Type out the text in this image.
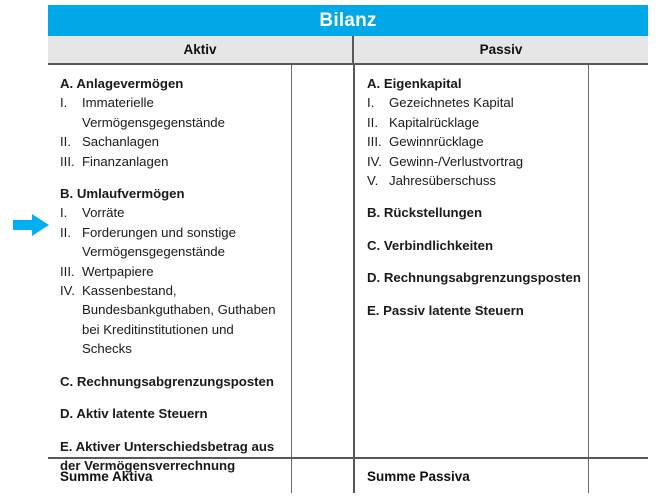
Bilanz
Aktiv	Passiv
A. Anlagevermögen
I.	Immaterielle Vermögensgegenstände
II. Sachanlagen
III. Finanzanlagen
B. Umlaufvermögen
I.	Vorräte
II. Forderungen und sonstige Vermögensgegenstände
III. Wertpapiere
IV. Kassenbestand, Bundesbankguthaben, Guthaben bei Kreditinstitutionen und Schecks
C. Rechnungsabgrenzungsposten
D. Aktiv latente Steuern
E. Aktiver Unterschiedsbetrag aus der Vermögensverrechnung
A. Eigenkapital
I.	Gezeichnetes Kapital
II. Kapitalrücklage
III. Gewinnrücklage
IV. Gewinn-/Verlustvortrag
V. Jahresüberschuss
B. Rückstellungen
C. Verbindlichkeiten
D. Rechnungsabgrenzungsposten
E. Passiv latente Steuern
Summe Aktiva	Summe Passiva
